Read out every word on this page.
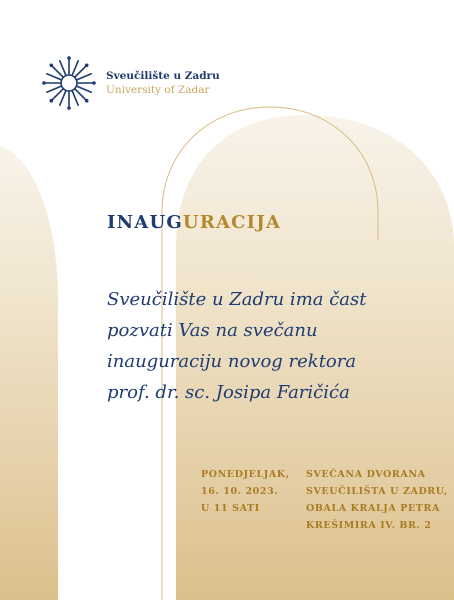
Sveučilište u Zadru
University of Zadar
INAUGURACIJA
Sveučilište u Zadru ima čast
pozvati Vas na svečanu
inauguraciju novog rektora
prof. dr. sc. Josipa Faričića
PONEDJELJAK,
16. 10. 2023.
U 11 SATI
SVEČANA DVORANA
SVEUČILIŠTA U ZADRU,
OBALA KRALJA PETRA
KREŠIMIRA IV. BR. 2
